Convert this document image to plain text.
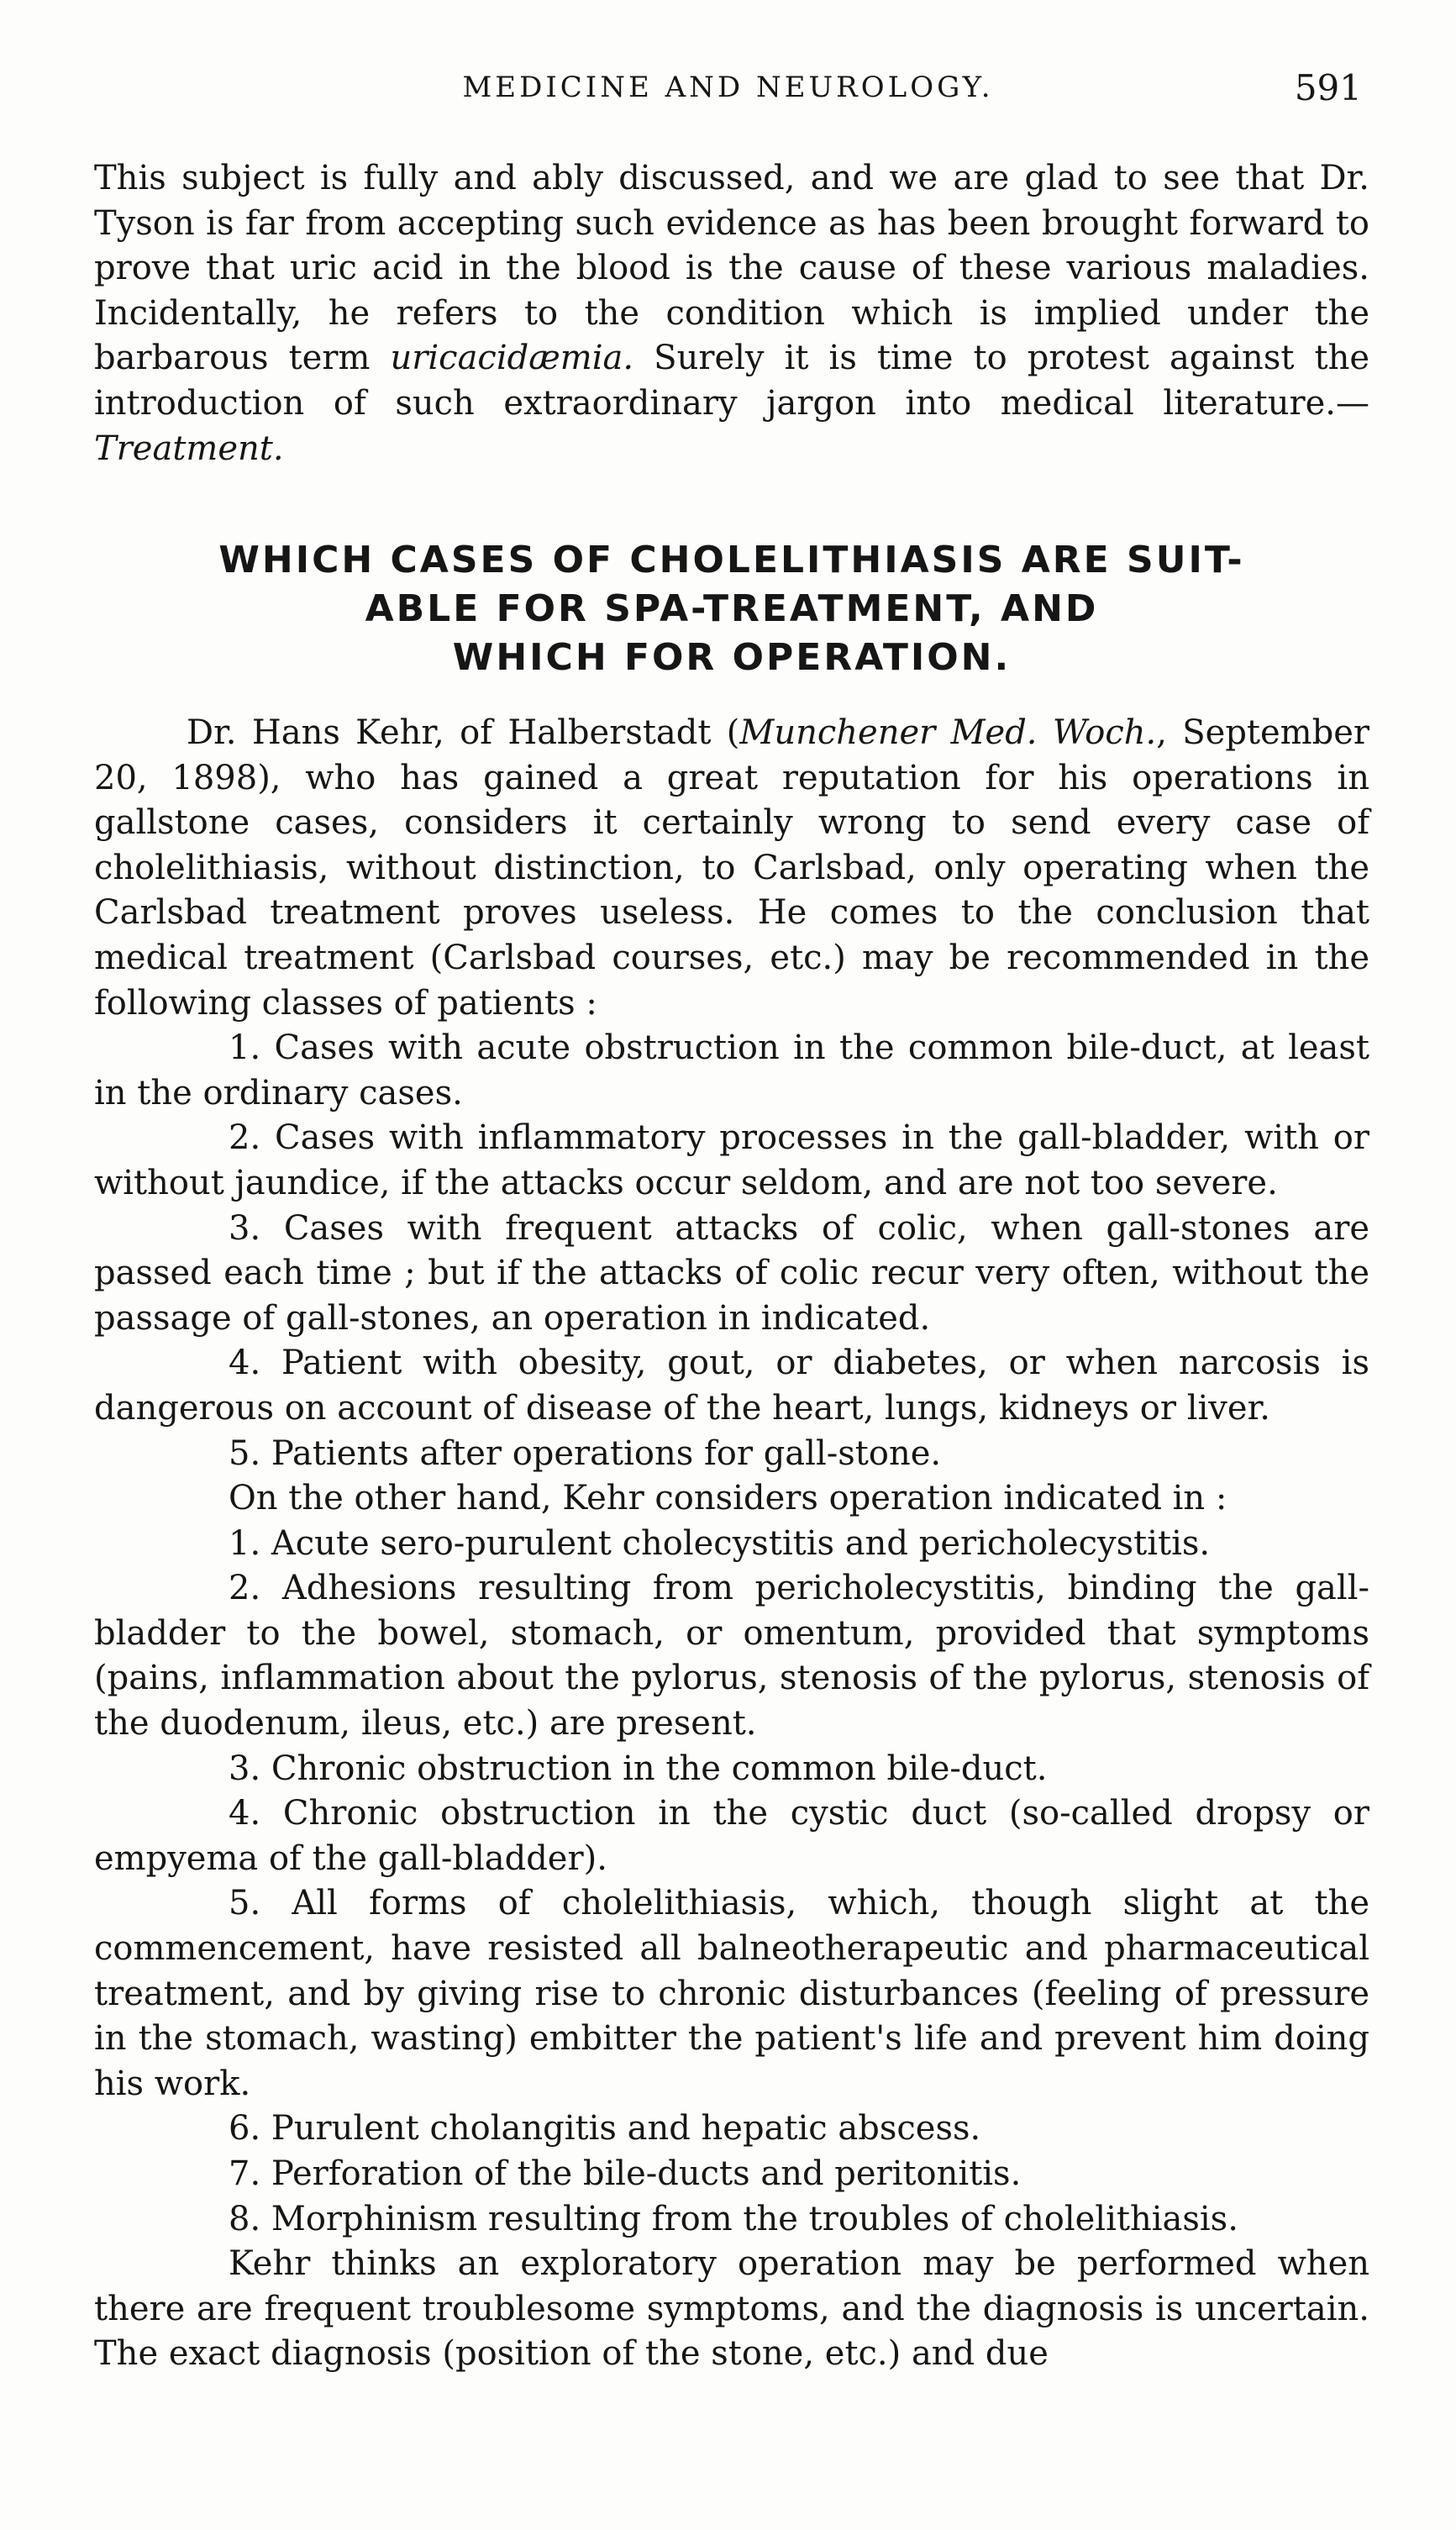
MEDICINE AND NEUROLOGY.	591

This subject is fully and ably discussed, and we are glad to see that Dr. Tyson is far from accepting such evidence as has been brought forward to prove that uric acid in the blood is the cause of these various maladies. Incidentally, he refers to the condition which is implied under the barbarous term uricacidæmia. Surely it is time to protest against the introduction of such extraordinary jargon into medical literature.—Treatment.

WHICH CASES OF CHOLELITHIASIS ARE SUIT-
ABLE FOR SPA-TREATMENT, AND
WHICH FOR OPERATION.

Dr. Hans Kehr, of Halberstadt (Munchener Med. Woch., September 20, 1898), who has gained a great reputation for his operations in gallstone cases, considers it certainly wrong to send every case of cholelithiasis, without distinction, to Carlsbad, only operating when the Carlsbad treatment proves useless. He comes to the conclusion that medical treatment (Carlsbad courses, etc.) may be recommended in the following classes of patients :

1. Cases with acute obstruction in the common bile-duct, at least in the ordinary cases.

2. Cases with inflammatory processes in the gall-bladder, with or without jaundice, if the attacks occur seldom, and are not too severe.

3. Cases with frequent attacks of colic, when gall-stones are passed each time ; but if the attacks of colic recur very often, without the passage of gall-stones, an operation in indicated.

4. Patient with obesity, gout, or diabetes, or when narcosis is dangerous on account of disease of the heart, lungs, kidneys or liver.

5. Patients after operations for gall-stone.

On the other hand, Kehr considers operation indicated in :

1. Acute sero-purulent cholecystitis and pericholecystitis.

2. Adhesions resulting from pericholecystitis, binding the gall-bladder to the bowel, stomach, or omentum, provided that symptoms (pains, inflammation about the pylorus, stenosis of the pylorus, stenosis of the duodenum, ileus, etc.) are present.

3. Chronic obstruction in the common bile-duct.

4. Chronic obstruction in the cystic duct (so-called dropsy or empyema of the gall-bladder).

5. All forms of cholelithiasis, which, though slight at the commencement, have resisted all balneotherapeutic and pharmaceutical treatment, and by giving rise to chronic disturbances (feeling of pressure in the stomach, wasting) embitter the patient's life and prevent him doing his work.

6. Purulent cholangitis and hepatic abscess.

7. Perforation of the bile-ducts and peritonitis.

8. Morphinism resulting from the troubles of cholelithiasis.

Kehr thinks an exploratory operation may be performed when there are frequent troublesome symptoms, and the diagnosis is uncertain. The exact diagnosis (position of the stone, etc.) and due
